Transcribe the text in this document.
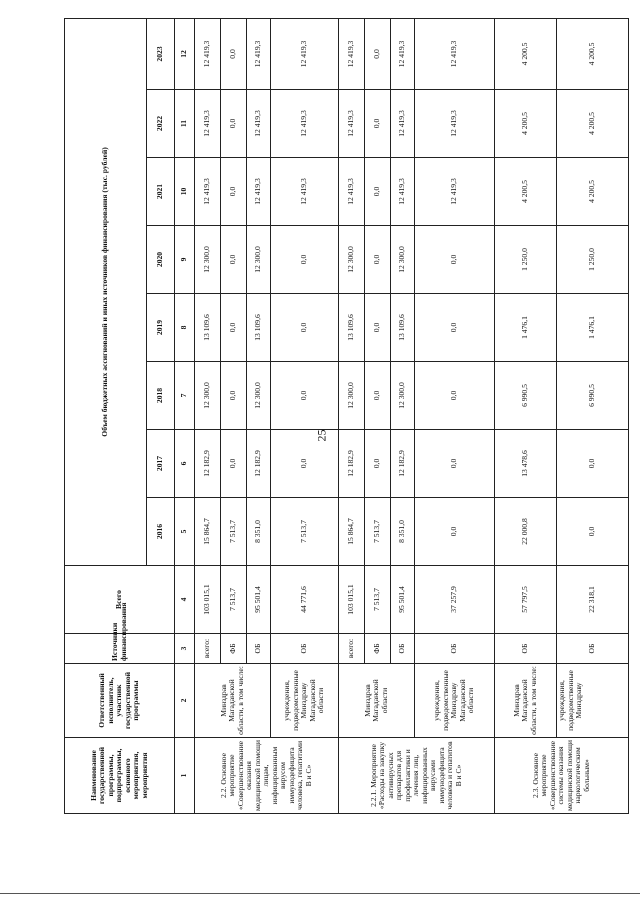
25
Наименование государственной программы, подпрограммы, основного мероприятия, мероприятия	Ответственный исполнитель, участник государственной программы	Источники финансирования	Всего	Объем бюджетных ассигнований и иных источников финансирования (тыс. рублей)							
				2016	2017	2018	2019	2020	2021	2022	2023
1	2	3	4	5	6	7	8	9	10	11	12
2.2. Основное мероприятие «Совершенствование оказания медицинской помощи лицам, инфицированным вирусом иммунодефицита человека, гепатитами В и С»	Минздрав Магаданской области, в том числе:	всего:	103 015,1	15 864,7	12 182,9	12 300,0	13 109,6	12 300,0	12 419,3	12 419,3	12 419,3
		ФБ	7 513,7	7 513,7	0,0	0,0	0,0	0,0	0,0	0,0	0,0
		ОБ	95 501,4	8 351,0	12 182,9	12 300,0	13 109,6	12 300,0	12 419,3	12 419,3	12 419,3
	учреждения, подведомственные Минздраву Магаданской области	ОБ	44 771,6	7 513,7	0,0	0,0	0,0	0,0	12 419,3	12 419,3	12 419,3
2.2.1. Мероприятие «Расходы на закупку антивирусных препаратов для профилактики и лечения лиц, инфицированных вирусами иммунодефицита человека и гепатитов В и С»	Минздрав Магаданской области	всего:	103 015,1	15 864,7	12 182,9	12 300,0	13 109,6	12 300,0	12 419,3	12 419,3	12 419,3
		ФБ	7 513,7	7 513,7	0,0	0,0	0,0	0,0	0,0	0,0	0,0
		ОБ	95 501,4	8 351,0	12 182,9	12 300,0	13 109,6	12 300,0	12 419,3	12 419,3	12 419,3
	учреждения, подведомственные Минздраву Магаданской области	ОБ	37 257,9	0,0	0,0	0,0	0,0	0,0	12 419,3	12 419,3	12 419,3
2.3. Основное мероприятие «Совершенствование системы оказания медицинской помощи наркологическим больным»	Минздрав Магаданской области, в том числе:	ОБ	57 797,5	22 000,8	13 478,6	6 990,5	1 476,1	1 250,0	4 200,5	4 200,5	4 200,5
	учреждения, подведомственные Минздраву	ОБ	22 318,1	0,0	0,0	6 990,5	1 476,1	1 250,0	4 200,5	4 200,5	4 200,5
